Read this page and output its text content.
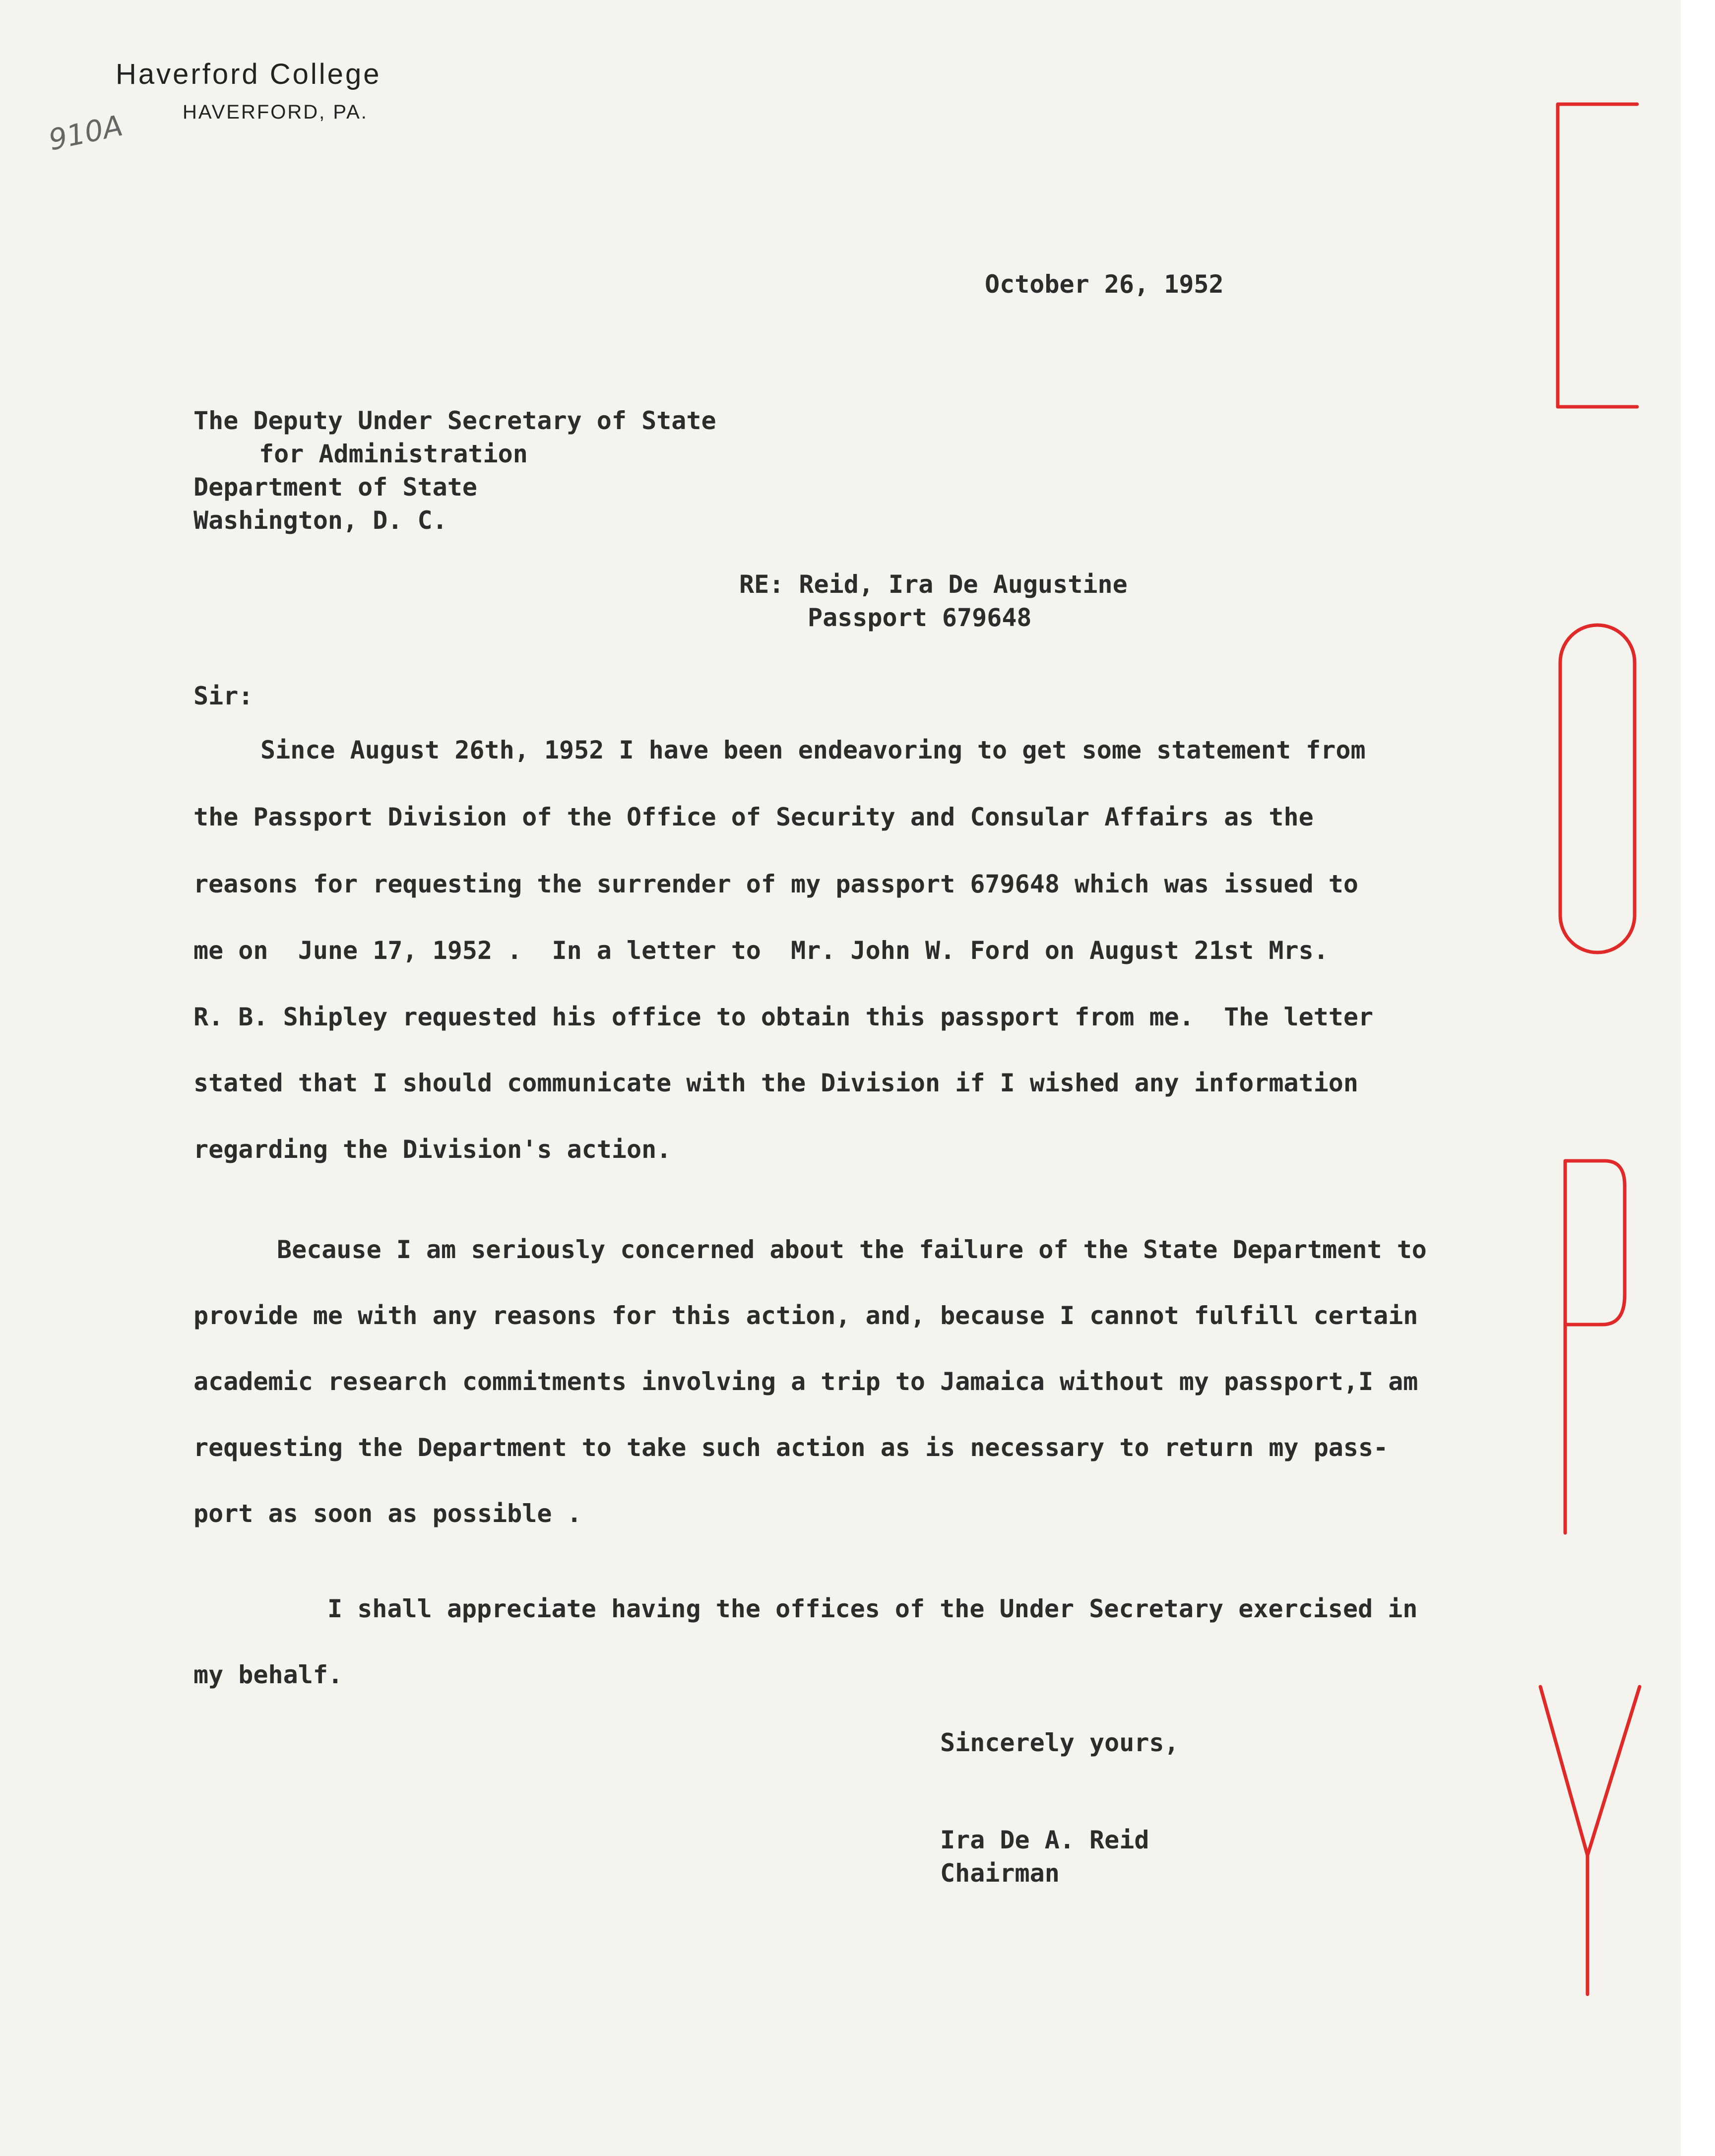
Haverford College
HAVERFORD, PA.
910A
October 26, 1952
The Deputy Under Secretary of State
for Administration
Department of State
Washington, D. C.
RE: Reid, Ira De Augustine
Passport 679648
Sir:
Since August 26th, 1952 I have been endeavoring to get some statement from
the Passport Division of the Office of Security and Consular Affairs as the
reasons for requesting the surrender of my passport 679648 which was issued to
me on  June 17, 1952 .  In a letter to  Mr. John W. Ford on August 21st Mrs.
R. B. Shipley requested his office to obtain this passport from me.  The letter
stated that I should communicate with the Division if I wished any information
regarding the Division's action.
Because I am seriously concerned about the failure of the State Department to
provide me with any reasons for this action, and, because I cannot fulfill certain
academic research commitments involving a trip to Jamaica without my passport,I am
requesting the Department to take such action as is necessary to return my pass-
port as soon as possible .
I shall appreciate having the offices of the Under Secretary exercised in
my behalf.
Sincerely yours,
Ira De A. Reid
Chairman
